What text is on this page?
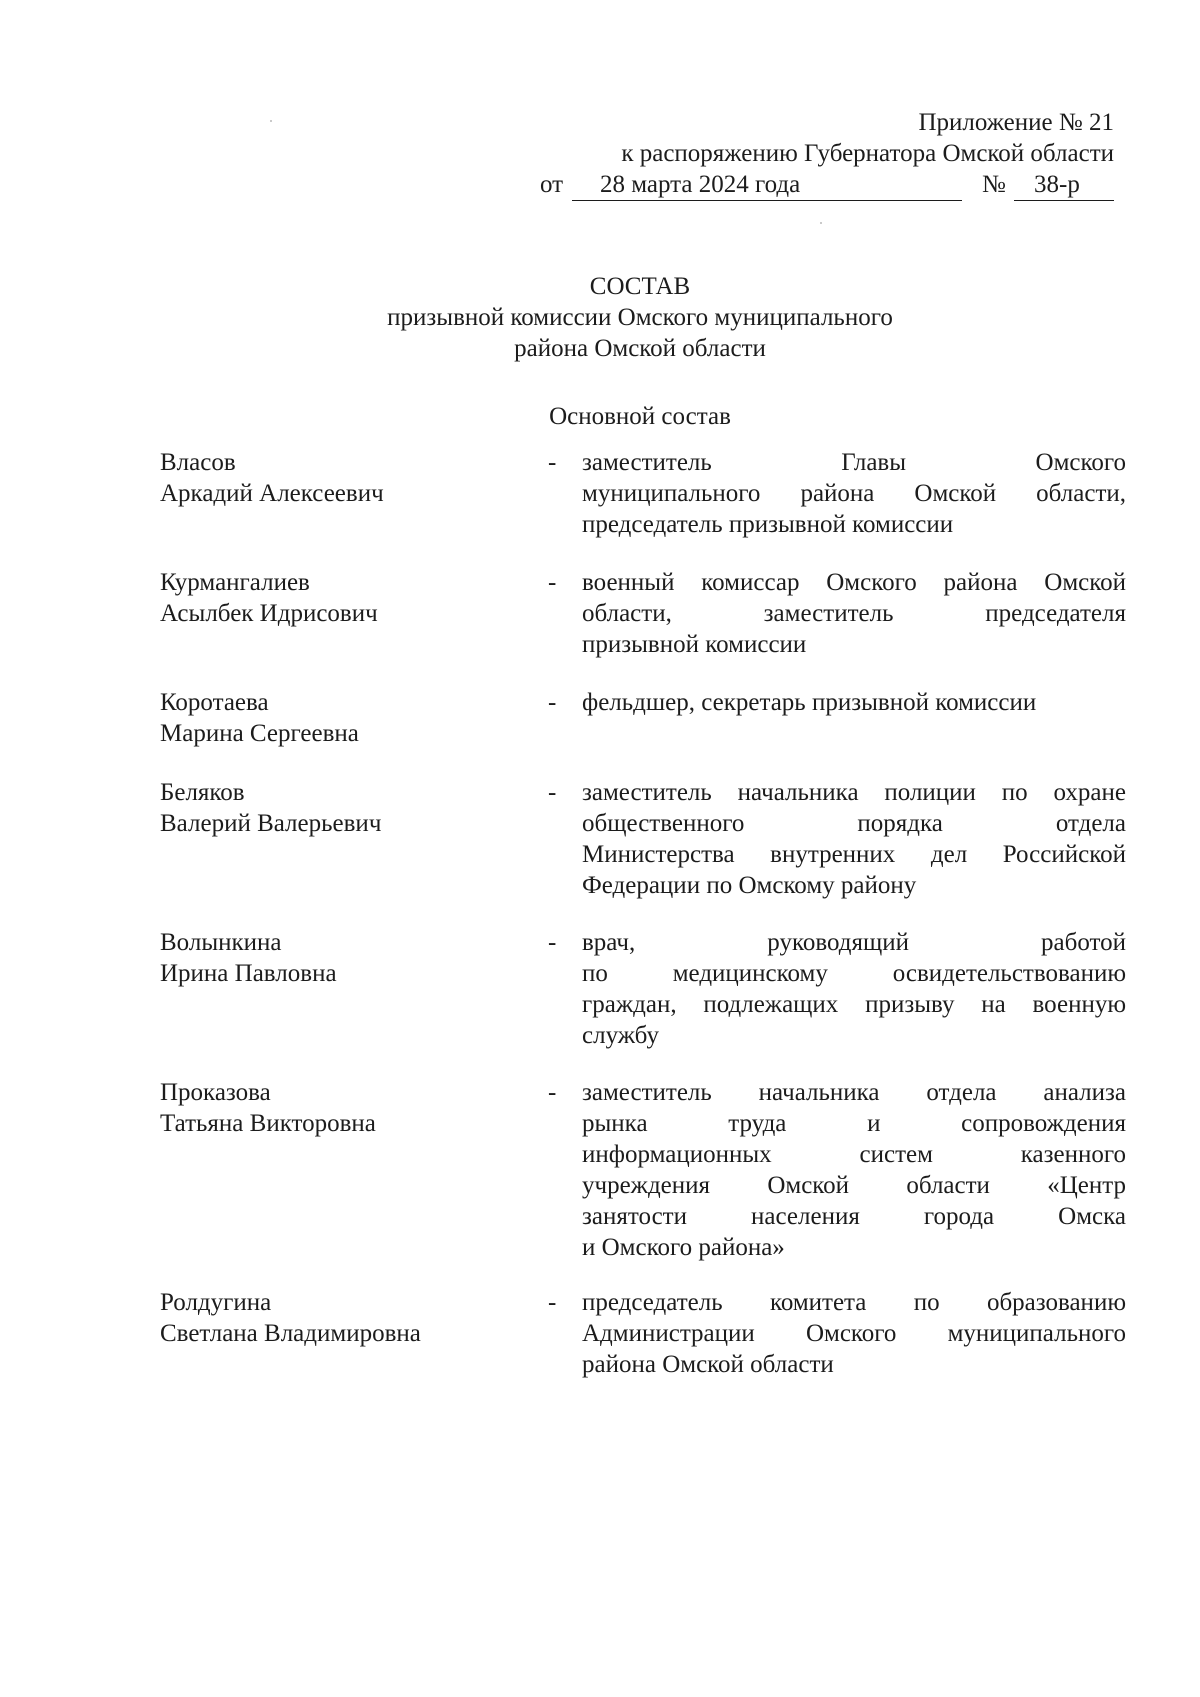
Приложение № 21
к распоряжению Губернатора Омской области
от 28 марта 2024 года	№ 38-р
СОСТАВ
призывной комиссии Омского муниципального
района Омской области
Основной состав
Власов
Аркадий Алексеевич
- заместитель Главы Омского
муниципального района Омской области,
председатель призывной комиссии
Курмангалиев
Асылбек Идрисович
- военный комиссар Омского района Омской
области, заместитель председателя
призывной комиссии
Коротаева
Марина Сергеевна
- фельдшер, секретарь призывной комиссии
Беляков
Валерий Валерьевич
- заместитель начальника полиции по охране
общественного порядка отдела
Министерства внутренних дел Российской
Федерации по Омскому району
Волынкина
Ирина Павловна
- врач, руководящий работой
по медицинскому освидетельствованию
граждан, подлежащих призыву на военную
службу
Проказова
Татьяна Викторовна
- заместитель начальника отдела анализа
рынка труда и сопровождения
информационных систем казенного
учреждения Омской области «Центр
занятости населения города Омска
и Омского района»
Ролдугина
Светлана Владимировна
- председатель комитета по образованию
Администрации Омского муниципального
района Омской области
